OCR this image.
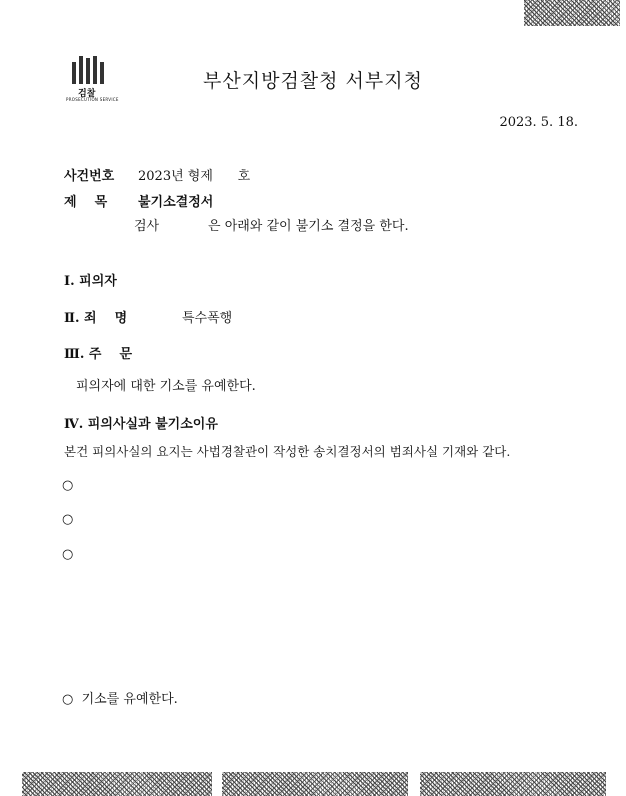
검찰
PROSECUTION SERVICE
부산지방검찰청 서부지청
2023. 5. 18.
사건번호 2023년 형제      호
제    목 불기소결정서
검사	은 아래와 같이 불기소 결정을 한다.
Ⅰ. 피의자
Ⅱ. 죄    명	특수폭행
Ⅲ. 주    문
피의자에 대한 기소를 유예한다.
Ⅳ. 피의사실과 불기소이유
본건 피의사실의 요지는 사법경찰관이 작성한 송치결정서의 범죄사실 기재와 같다.
○
○
○
○  기소를 유예한다.
